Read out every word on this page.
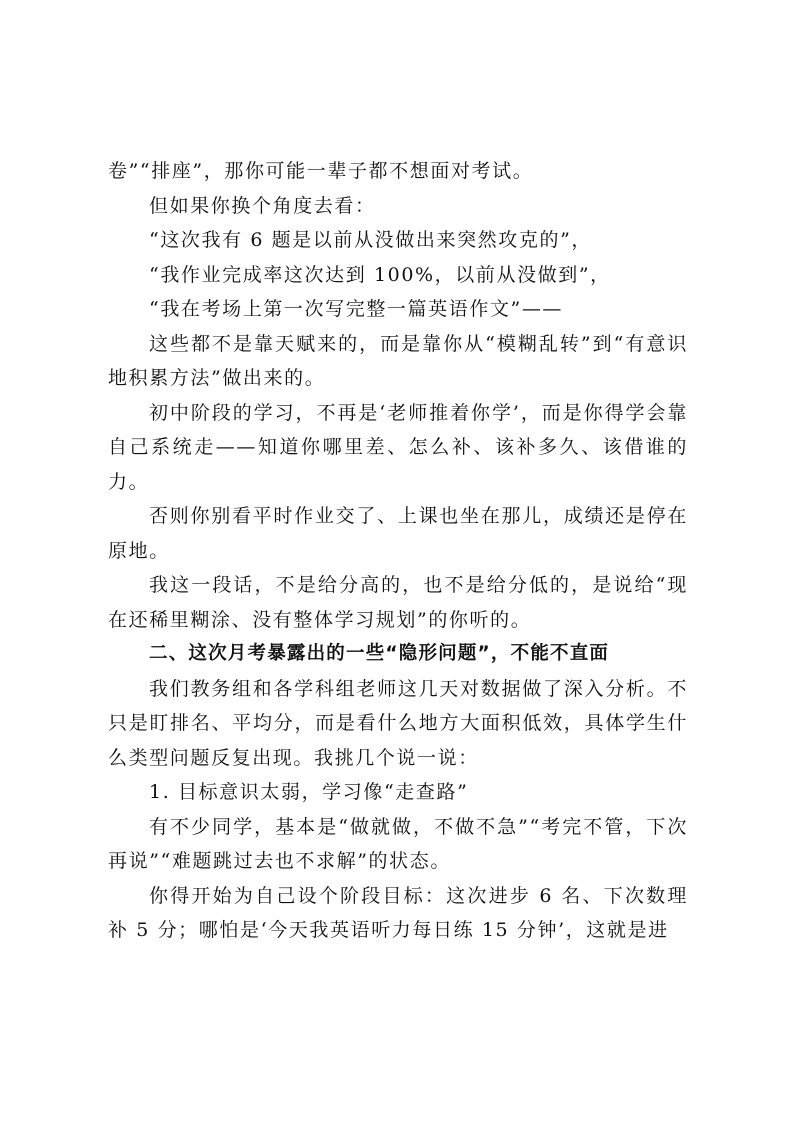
卷”“排座”，那你可能一辈子都不想面对考试。

但如果你换个角度去看：

“这次我有 6 题是以前从没做出来突然攻克的”，

“我作业完成率这次达到 100%，以前从没做到”，

“我在考场上第一次写完整一篇英语作文”——

这些都不是靠天赋来的，而是靠你从“模糊乱转”到“有意识地积累方法”做出来的。

初中阶段的学习，不再是‘老师推着你学’，而是你得学会靠自己系统走——知道你哪里差、怎么补、该补多久、该借谁的力。

否则你别看平时作业交了、上课也坐在那儿，成绩还是停在原地。

我这一段话，不是给分高的，也不是给分低的，是说给“现在还稀里糊涂、没有整体学习规划”的你听的。

二、这次月考暴露出的一些“隐形问题”，不能不直面

我们教务组和各学科组老师这几天对数据做了深入分析。不只是盯排名、平均分，而是看什么地方大面积低效，具体学生什么类型问题反复出现。我挑几个说一说：

1. 目标意识太弱，学习像“走查路”

有不少同学，基本是“做就做，不做不急”“考完不管，下次再说”“难题跳过去也不求解”的状态。

你得开始为自己设个阶段目标：这次进步 6 名、下次数理补 5 分；哪怕是‘今天我英语听力每日练 15 分钟’，这就是进
